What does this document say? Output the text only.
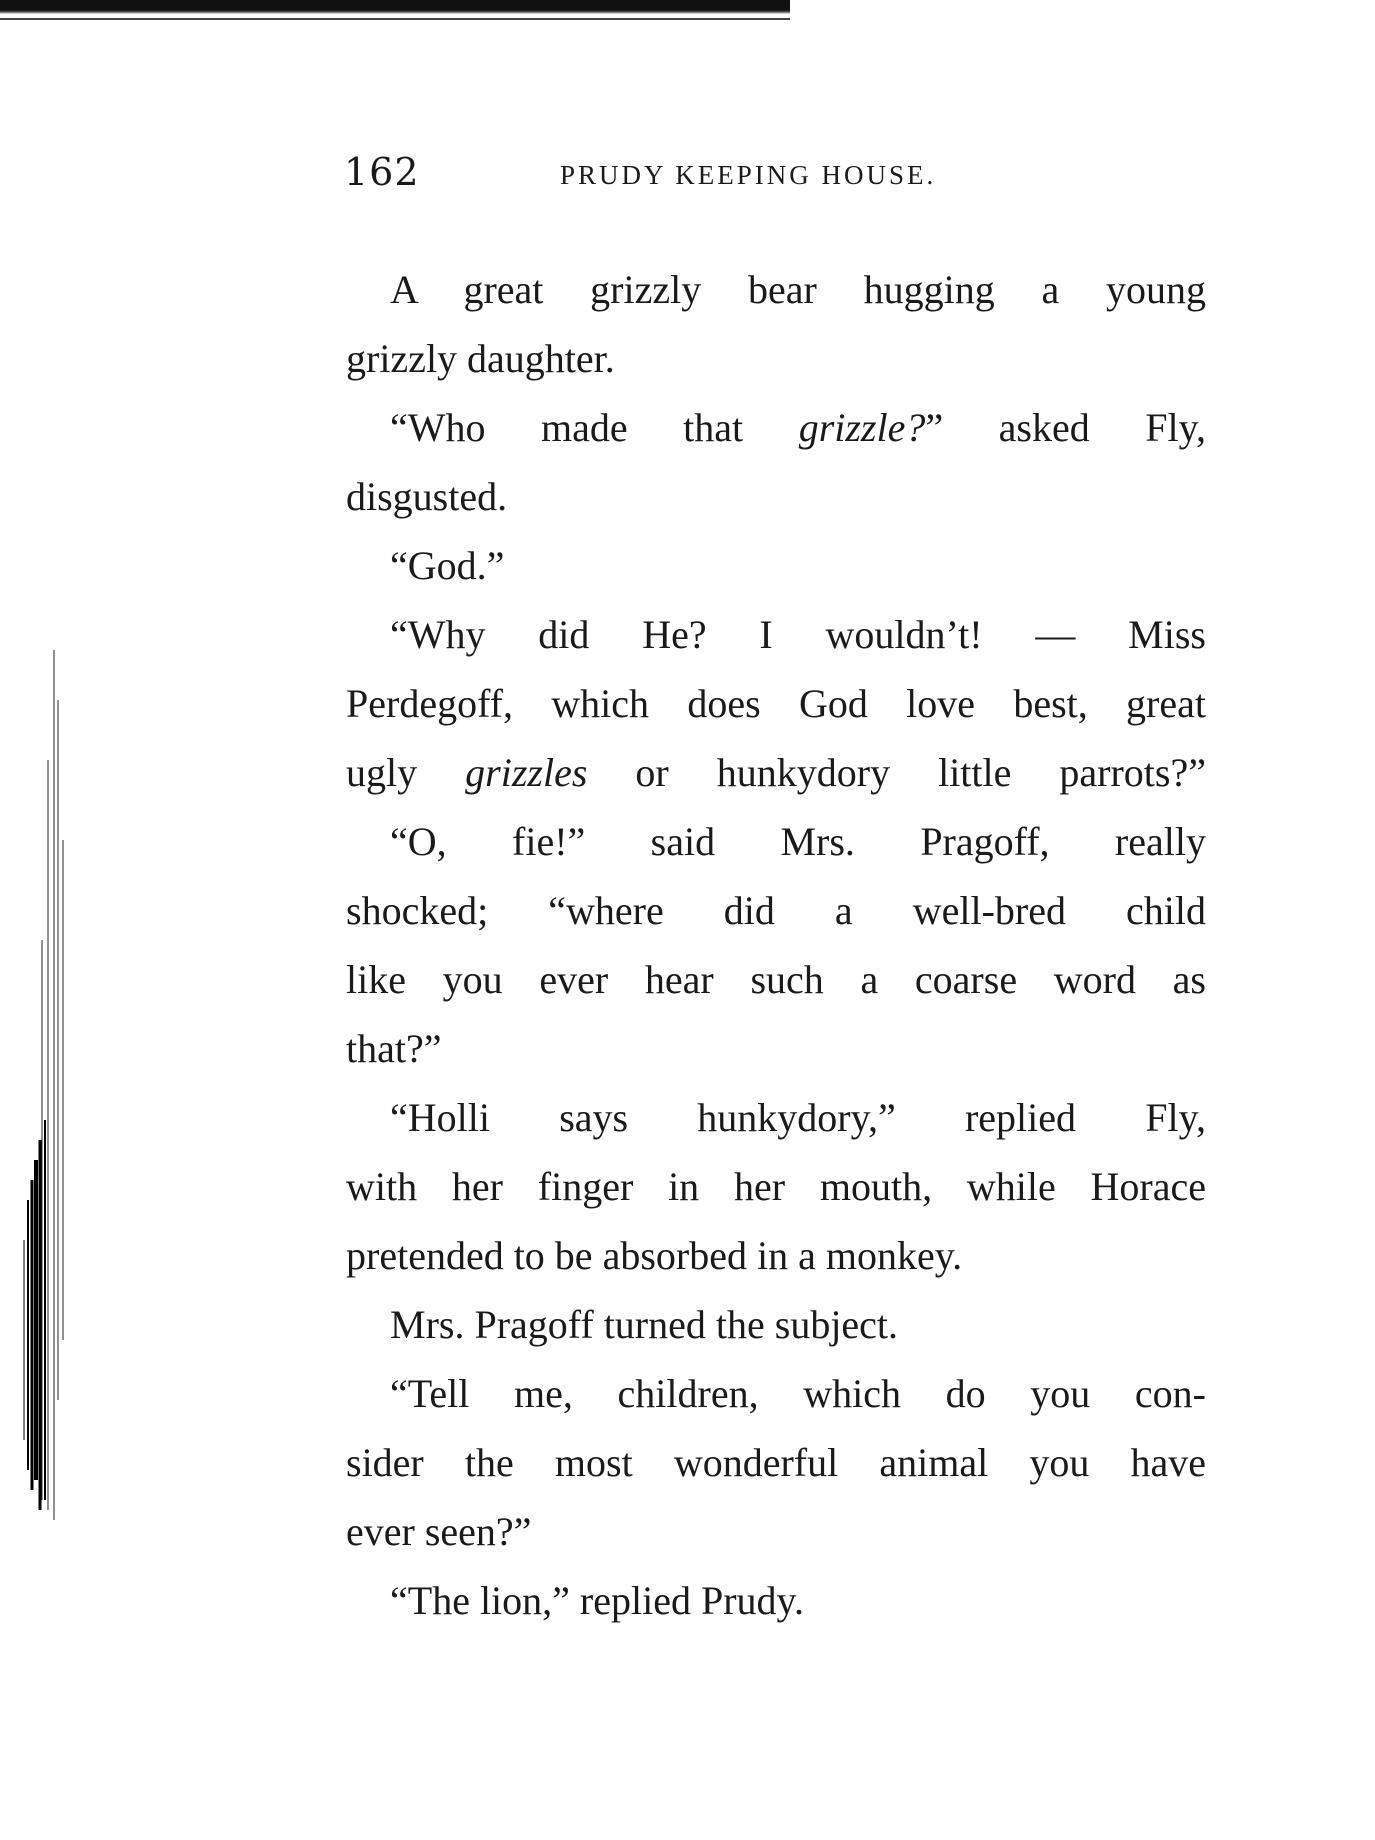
162	PRUDY KEEPING HOUSE.
A great grizzly bear hugging a young
grizzly daughter.
“Who made that grizzle?” asked Fly,
disgusted.
“God.”
“Why did He? I wouldn’t! — Miss
Perdegoff, which does God love best, great
ugly grizzles or hunkydory little parrots?”
“O, fie!” said Mrs. Pragoff, really
shocked; “where did a well-bred child
like you ever hear such a coarse word as
that?”
“Holli says hunkydory,” replied Fly,
with her finger in her mouth, while Horace
pretended to be absorbed in a monkey.
Mrs. Pragoff turned the subject.
“Tell me, children, which do you con-
sider the most wonderful animal you have
ever seen?”
“The lion,” replied Prudy.
